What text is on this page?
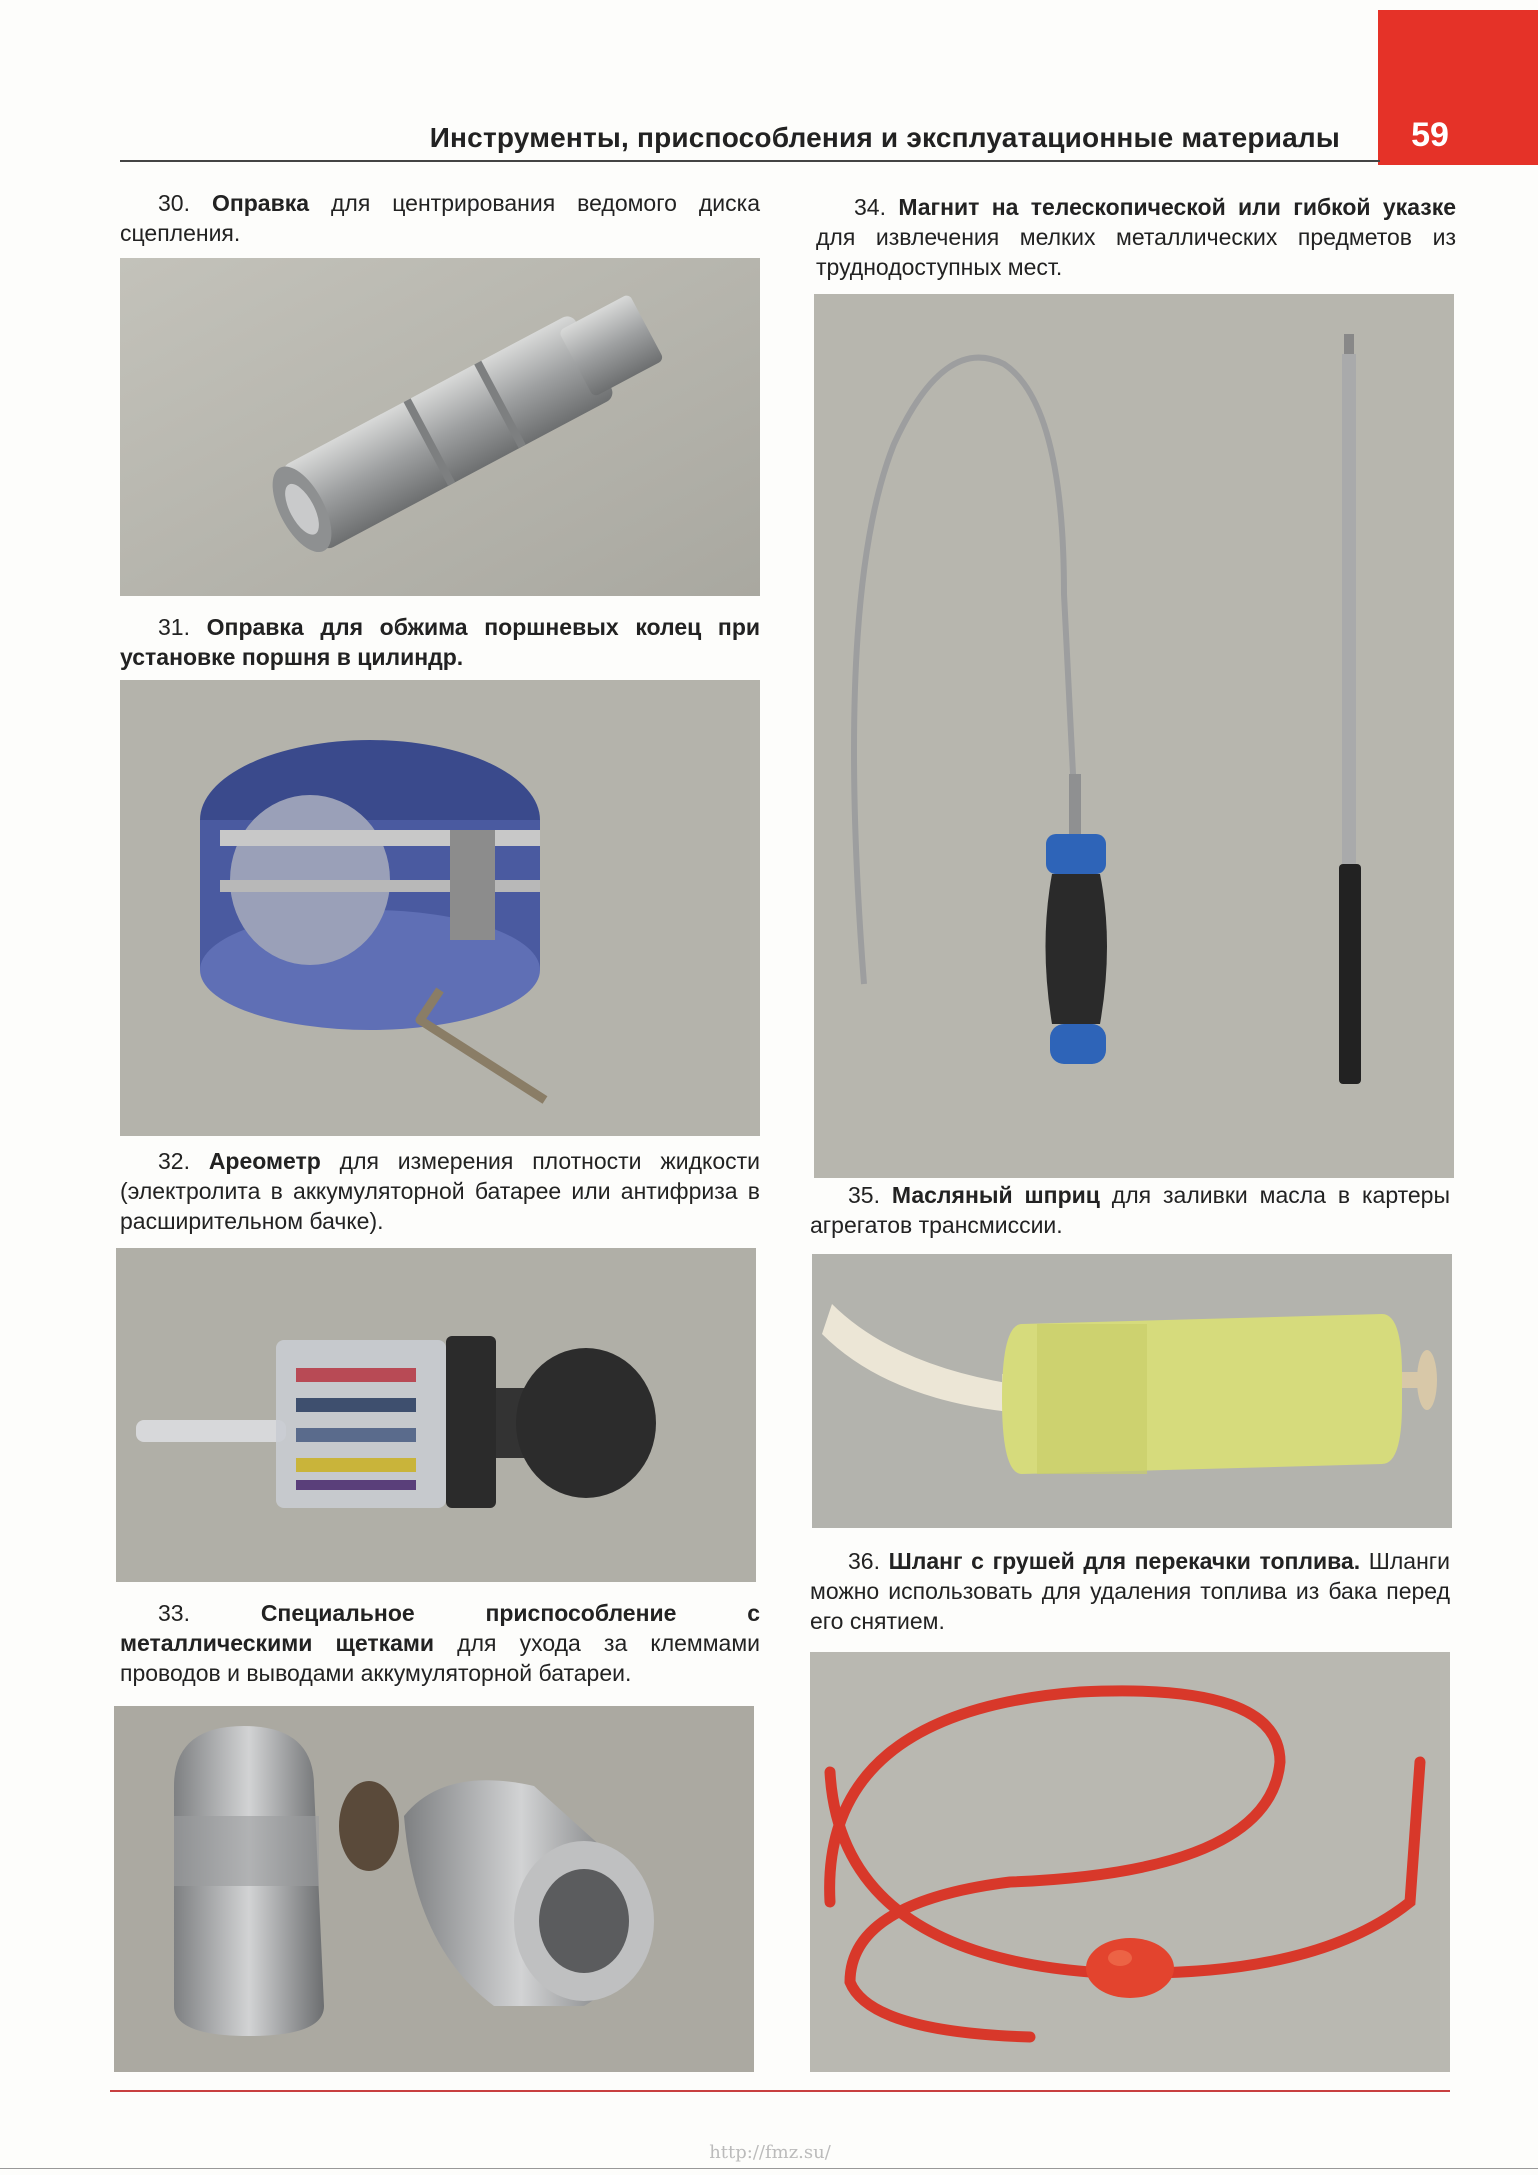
59
Инструменты, приспособления и эксплуатационные материалы
30. Оправка для центрирования ведомого диска сцепления.
31. Оправка для обжима поршневых колец при установке поршня в цилиндр.
32. Ареометр для измерения плотности жидкости (электролита в аккумуляторной батарее или антифриза в расширительном бачке).
33.	Специальное приспособление с металлическими щетками для ухода за клеммами проводов и выводами аккумуляторной батареи.
34. Магнит на телескопической или гибкой указке для извлечения мелких металлических предметов из труднодоступных мест.
35. Масляный шприц для заливки масла в картеры агрегатов трансмиссии.
36. Шланг с грушей для перекачки топлива. Шланги можно использовать для удаления топлива из бака перед его снятием.
http://fmz.su/
